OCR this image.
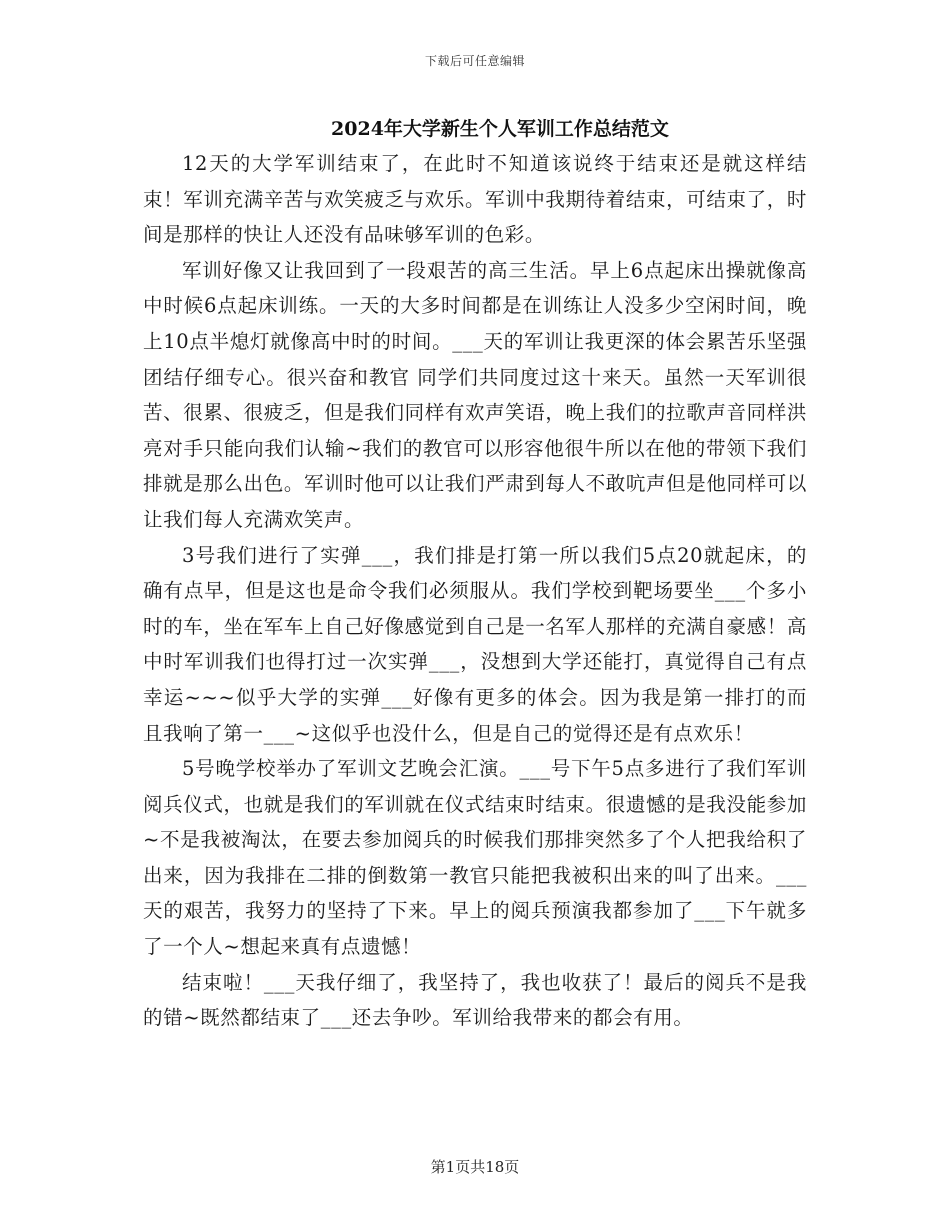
下载后可任意编辑
2024年大学新生个人军训工作总结范文

12天的大学军训结束了，在此时不知道该说终于结束还是就这样结束！军训充满辛苦与欢笑疲乏与欢乐。军训中我期待着结束，可结束了，时间是那样的快让人还没有品味够军训的色彩。

军训好像又让我回到了一段艰苦的高三生活。早上6点起床出操就像高中时候6点起床训练。一天的大多时间都是在训练让人没多少空闲时间，晚上10点半熄灯就像高中时的时间。___天的军训让我更深的体会累苦乐坚强团结仔细专心。很兴奋和教官 同学们共同度过这十来天。虽然一天军训很苦、很累、很疲乏，但是我们同样有欢声笑语，晚上我们的拉歌声音同样洪亮对手只能向我们认输~我们的教官可以形容他很牛所以在他的带领下我们排就是那么出色。军训时他可以让我们严肃到每人不敢吭声但是他同样可以让我们每人充满欢笑声。

3号我们进行了实弹___，我们排是打第一所以我们5点20就起床，的确有点早，但是这也是命令我们必须服从。我们学校到靶场要坐___个多小时的车，坐在军车上自己好像感觉到自己是一名军人那样的充满自豪感！高中时军训我们也得打过一次实弹___，没想到大学还能打，真觉得自己有点幸运~~~似乎大学的实弹___好像有更多的体会。因为我是第一排打的而且我响了第一___~这似乎也没什么，但是自己的觉得还是有点欢乐！

5号晚学校举办了军训文艺晚会汇演。___号下午5点多进行了我们军训阅兵仪式，也就是我们的军训就在仪式结束时结束。很遗憾的是我没能参加~不是我被淘汰，在要去参加阅兵的时候我们那排突然多了个人把我给积了出来，因为我排在二排的倒数第一教官只能把我被积出来的叫了出来。___天的艰苦，我努力的坚持了下来。早上的阅兵预演我都参加了___下午就多了一个人~想起来真有点遗憾！

结束啦！___天我仔细了，我坚持了，我也收获了！最后的阅兵不是我的错~既然都结束了___还去争吵。军训给我带来的都会有用。

第1页共18页
